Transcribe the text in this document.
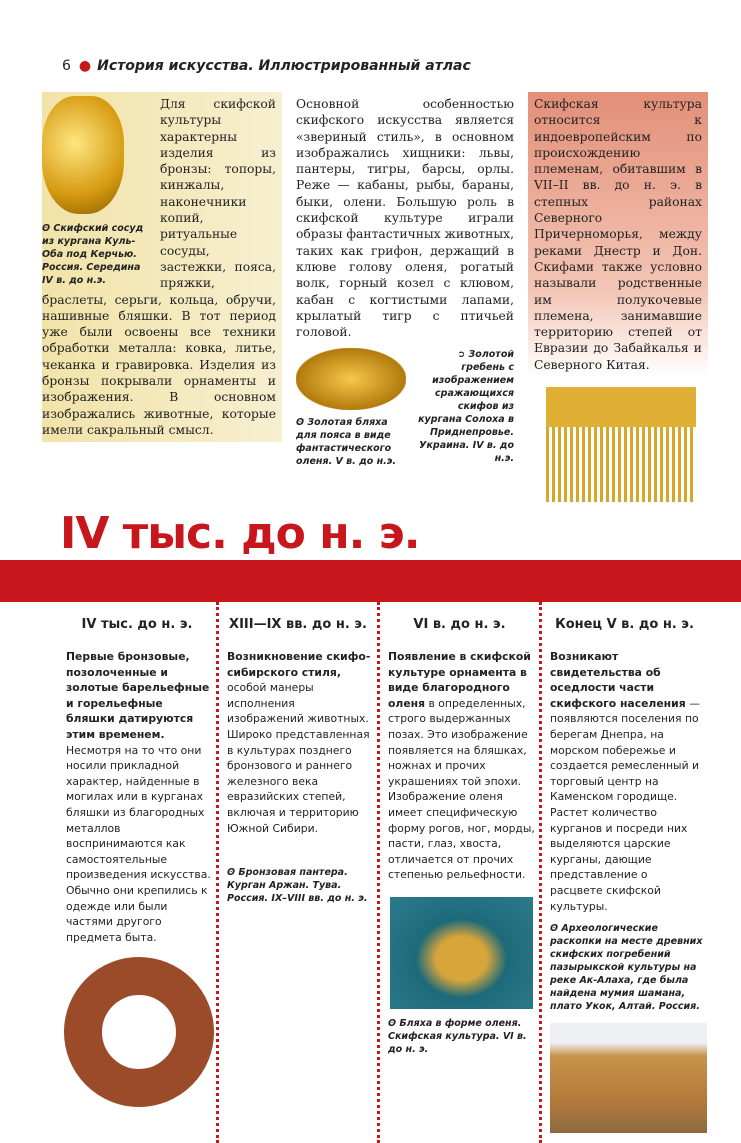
6 ● История искусства. Иллюстрированный атлас
ʘ Скифский сосуд из кургана Куль-Оба под Керчью. Россия. Середина IV в. до н.э.
Для скифской культуры характерны изделия из бронзы: топоры, кинжалы, наконечники копий, ритуальные сосуды, застежки, пояса, пряжки, браслеты, серьги, кольца, обручи, нашивные бляшки. В тот период уже были освоены все техники обработки металла: ковка, литье, чеканка и гравировка. Изделия из бронзы покрывали орнаменты и изображения. В основном изображались животные, которые имели сакральный смысл.
Основной особенностью скифского искусства является «звериный стиль», в основном изображались хищники: львы, пантеры, тигры, барсы, орлы. Реже — кабаны, рыбы, бараны, быки, олени. Большую роль в скифской культуре играли образы фантастичных животных, таких как грифон, держащий в клюве голову оленя, рогатый волк, горный козел с клювом, кабан с когтистыми лапами, крылатый тигр с птичьей головой.
ʘ Золотая бляха для пояса в виде фантастического оленя. V в. до н.э.
➲ Золотой гребень с изображением сражающихся скифов из кургана Солоха в Приднепровье. Украина. IV в. до н.э.
Скифская культура относится к индоевропейским по происхождению племенам, обитавшим в VII–II вв. до н. э. в степных районах Северного Причерноморья, между реками Днестр и Дон. Скифами также условно называли родственные им полукочевые племена, занимавшие территорию степей от Евразии до Забайкалья и Северного Китая.
IV тыс. до н. э.
IV тыс. до н. э.
Первые бронзовые, позолоченные и золотые барельефные и горельефные бляшки датируются этим временем. Несмотря на то что они носили прикладной характер, найденные в могилах или в курганах бляшки из благородных металлов воспринимаются как самостоятельные произведения искусства. Обычно они крепились к одежде или были частями другого предмета быта.
XIII—IX вв. до н. э.
Возникновение скифо-сибирского стиля, особой манеры исполнения изображений животных. Широко представленная в культурах позднего бронзового и раннего железного века евразийских степей, включая и территорию Южной Сибири.
ʘ Бронзовая пантера. Курган Аржан. Тува. Россия. IX–VIII вв. до н. э.
VI в. до н. э.
Появление в скифской культуре орнамента в виде благородного оленя в определенных, строго выдержанных позах. Это изображение появляется на бляшках, ножнах и прочих украшениях той эпохи. Изображение оленя имеет специфическую форму рогов, ног, морды, пасти, глаз, хвоста, отличается от прочих степенью рельефности.
ʘ Бляха в форме оленя. Скифская культура. VI в. до н. э.
Конец V в. до н. э.
Возникают свидетельства об оседлости части скифского населения — появляются поселения по берегам Днепра, на морском побережье и создается ремесленный и торговый центр на Каменском городище. Растет количество курганов и посреди них выделяются царские курганы, дающие представление о расцвете скифской культуры.
ʘ Археологические раскопки на месте древних скифских погребений пазырыкской культуры на реке Ак-Алаха, где была найдена мумия шамана, плато Укок, Алтай. Россия.
